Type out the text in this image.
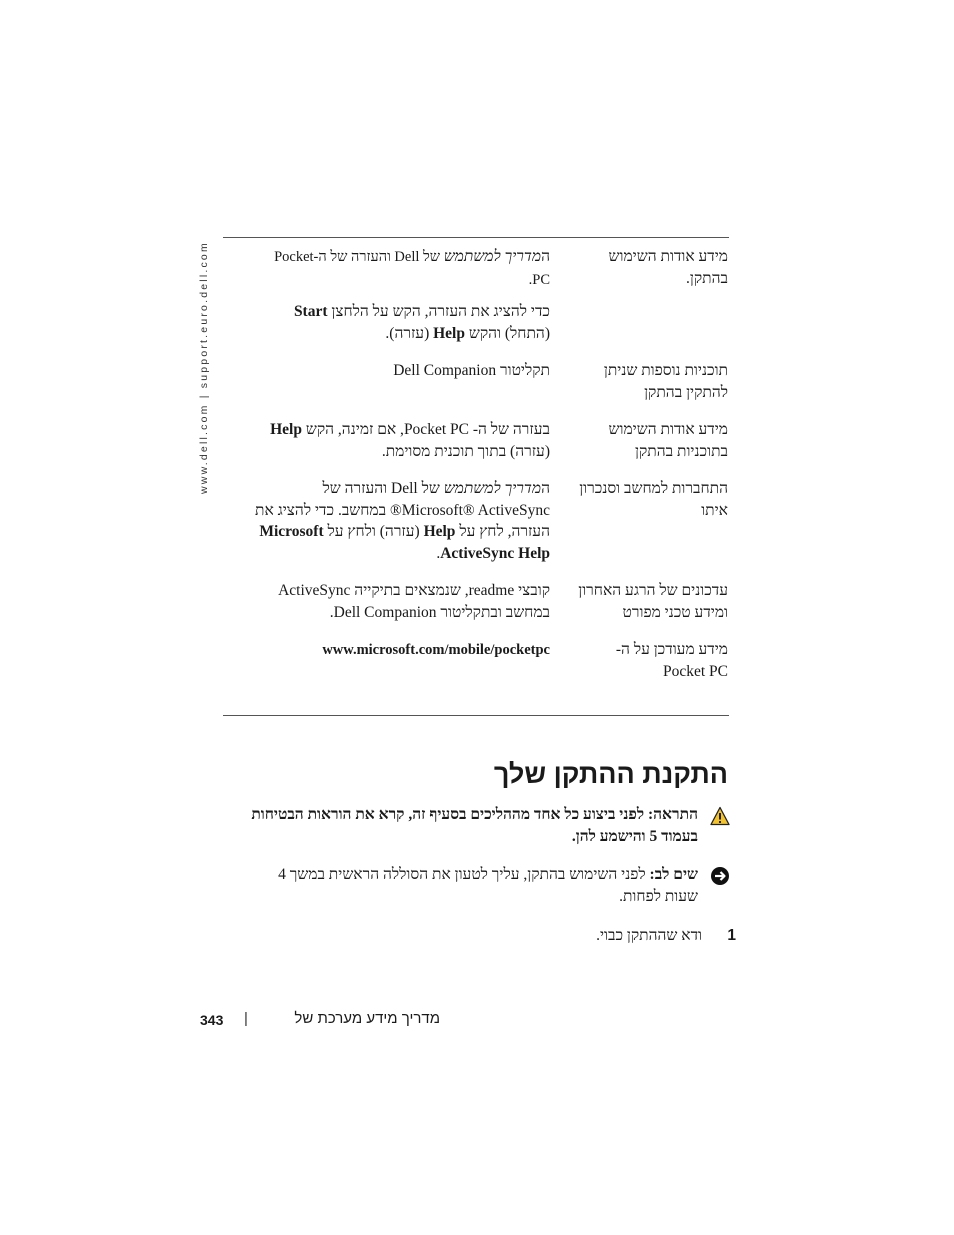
www.dell.com | support.euro.dell.com	מידע אודות השימוש בהתקן.

המדריך למשתמש של Dell והעזרה של ה-Pocket PC.

כדי להציג את העזרה, הקש על הלחצן Start (התחל) והקש Help (עזרה).

תוכניות נוספות שניתן להתקין בהתקן

תקליטור Dell Companion

מידע אודות השימוש בתוכניות בהתקן

בעזרה של ה- Pocket PC, אם זמינה, הקש Help (עזרה) בתוך תוכנית מסוימת.

התחברות למחשב וסנכרון איתו

המדריך למשתמש של Dell והעזרה של Microsoft® ActiveSync® במחשב. כדי להציג את העזרה, לחץ על Help (עזרה) ולחץ על Microsoft ActiveSync Help.

עדכונים של הרגע האחרון ומידע טכני מפורט

קובצי readme, שנמצאים בתיקייה ActiveSync במחשב ובתקליטור Dell Companion.

מידע מעודכן על ה- Pocket PC

www.microsoft.com/mobile/pocketpc

התקנת ההתקן שלך
התראה: לפני ביצוע כל אחד מההליכים בסעיף זה, קרא את הוראות הבטיחות בעמוד 5 והישמע להן.
שים לב: לפני השימוש בהתקן, עליך לטעון את הסוללה הראשית במשך 4 שעות לפחות.
1
ודא שההתקן כבוי.
343 |	מדריך מידע מערכת של
